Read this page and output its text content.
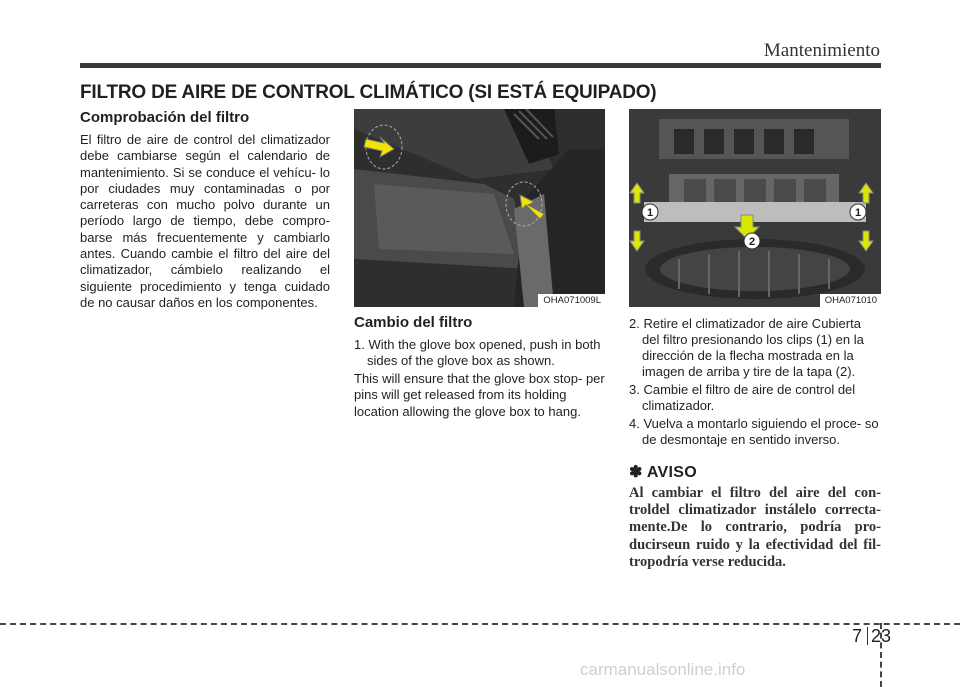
Mantenimiento
FILTRO DE AIRE DE CONTROL CLIMÁTICO (SI ESTÁ EQUIPADO)
Comprobación del filtro

El filtro de aire de control del climatizador debe cambiarse según el calendario de mantenimiento. Si se conduce el vehícu- lo por ciudades muy contaminadas o por carreteras con mucho polvo durante un período largo de tiempo, debe compro- barse más frecuentemente y cambiarlo antes. Cuando cambie el filtro del aire del climatizador, cámbielo realizando el siguiente procedimiento y tenga cuidado de no causar daños en los componentes.	OHA071009L
1	1
2
OHA071010
Cambio del filtro
1. With the glove box opened, push in both sides of the glove box as shown.

This will ensure that the glove box stop- per pins will get released from its holding location allowing the glove box to hang.

2. Retire el climatizador de aire Cubierta del filtro presionando los clips (1) en la dirección de la flecha mostrada en la imagen de arriba y tire de la tapa (2).
3. Cambie el filtro de aire de control del climatizador.
4. Vuelva a montarlo siguiendo el proce- so de desmontaje en sentido inverso.
✽ AVISO

Al cambiar el filtro del aire del con- troldel climatizador instálelo correcta- mente.De lo contrario, podría pro- ducirseun ruido y la efectividad del fil- tropodría verse reducida.

7 23
carmanualsonline.info
